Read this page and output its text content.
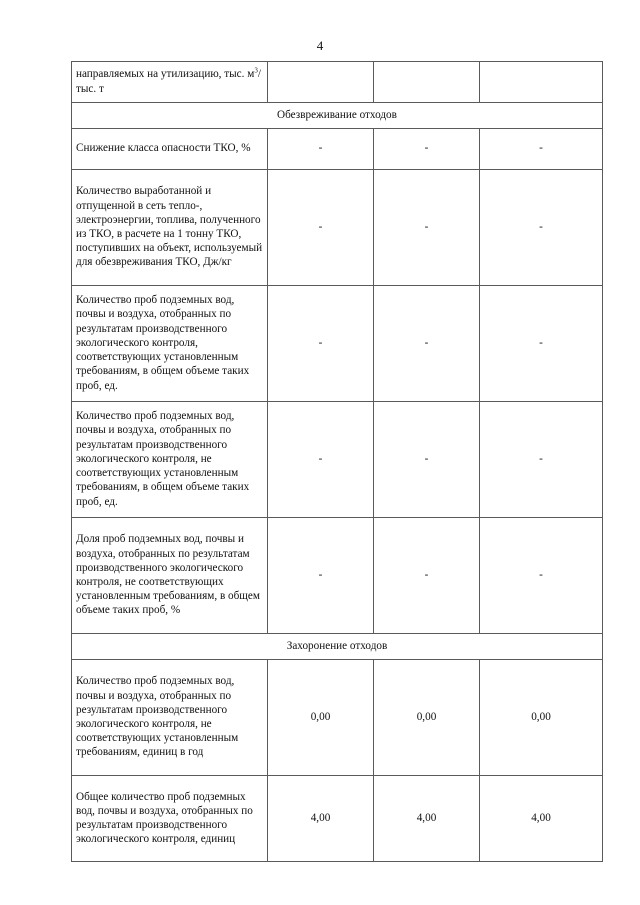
4
направляемых на утилизацию, тыс. $м^3$/тыс. т			
Обезвреживание отходов			
Снижение класса опасности ТКО, %	-	-	-
Количество выработанной и отпущенной в сеть тепло-, электроэнергии, топлива, полученного из ТКО, в расчете на 1 тонну ТКО, поступивших на объект, используемый для обезвреживания ТКО, Дж/кг	-	-	-
Количество проб подземных вод, почвы и воздуха, отобранных по результатам производственного экологического контроля, соответствующих установленным требованиям, в общем объеме таких проб, ед.	-	-	-
Количество проб подземных вод, почвы и воздуха, отобранных по результатам производственного экологического контроля, не соответствующих установленным требованиям, в общем объеме таких проб, ед.	-	-	-
Доля проб подземных вод, почвы и воздуха, отобранных по результатам производственного экологического контроля, не соответствующих установленным требованиям, в общем объеме таких проб, %	-	-	-
Захоронение отходов			
Количество проб подземных вод, почвы и воздуха, отобранных по результатам производственного экологического контроля, не соответствующих установленным требованиям, единиц в год	0,00	0,00	0,00
Общее количество проб подземных вод, почвы и воздуха, отобранных по результатам производственного экологического контроля, единиц	4,00	4,00	4,00
